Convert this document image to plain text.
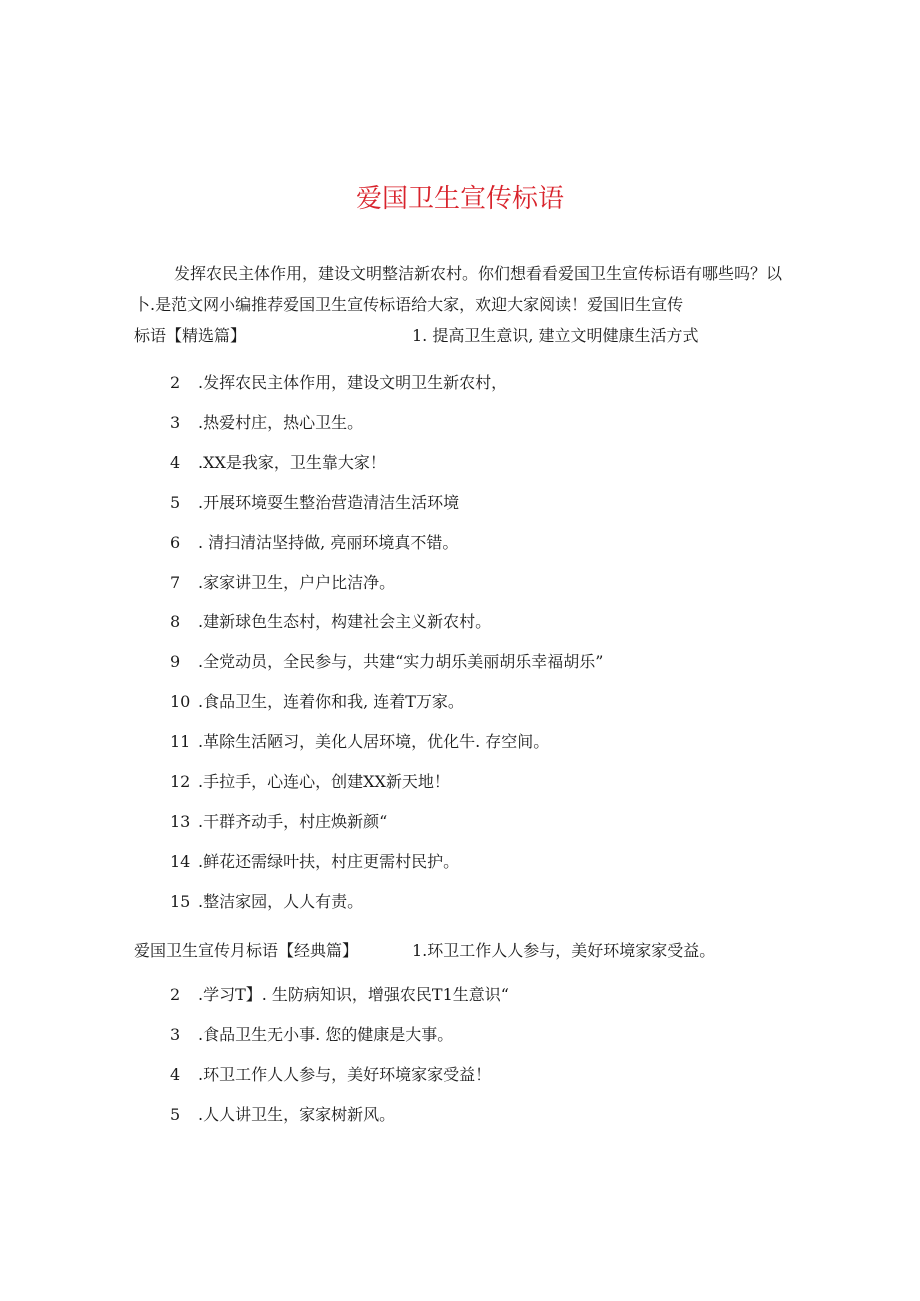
爱国卫生宣传标语

发挥农民主体作用，建设文明整洁新农村。你们想看看爱国卫生宣传标语有哪些吗？以卜.是范文网小编推荐爱国卫生宣传标语给大家，欢迎大家阅读！爱国旧生宣传

标语【精选篇】	1. 提高卫生意识, 建立文明健康生活方式
2 .发挥农民主体作用，建设文明卫生新农村，
3 .热爱村庄，热心卫生。
4 .XX是我家，卫生靠大家！
5 .开展环境耍生整治营造清洁生活环境
6 . 清扫清沽坚持做, 亮丽环境真不错。
7 .家家讲卫生，户户比洁净。
8 .建新球色生态村，构建社会主义新农村。
9 .全党动员，全民参与，共建“实力胡乐美丽胡乐幸福胡乐”
10 .食品卫生，连着你和我, 连着T万家。
11 .革除生活陋习，美化人居环境，优化牛. 存空间。
12 .手拉手，心连心，创建XX新天地！
13 .干群齐动手，村庄焕新颜“
14 .鲜花还需绿叶扶，村庄更需村民护。
15 .整洁家园，人人有责。
爱国卫生宣传月标语【经典篇】	1.环卫工作人人参与，美好环境家家受益。
2 .学习T】. 生防病知识，增强农民T1生意识“
3 .食品卫生无小事. 您的健康是大事。
4 .环卫工作人人参与，美好环境家家受益！
5 .人人讲卫生，家家树新风。
